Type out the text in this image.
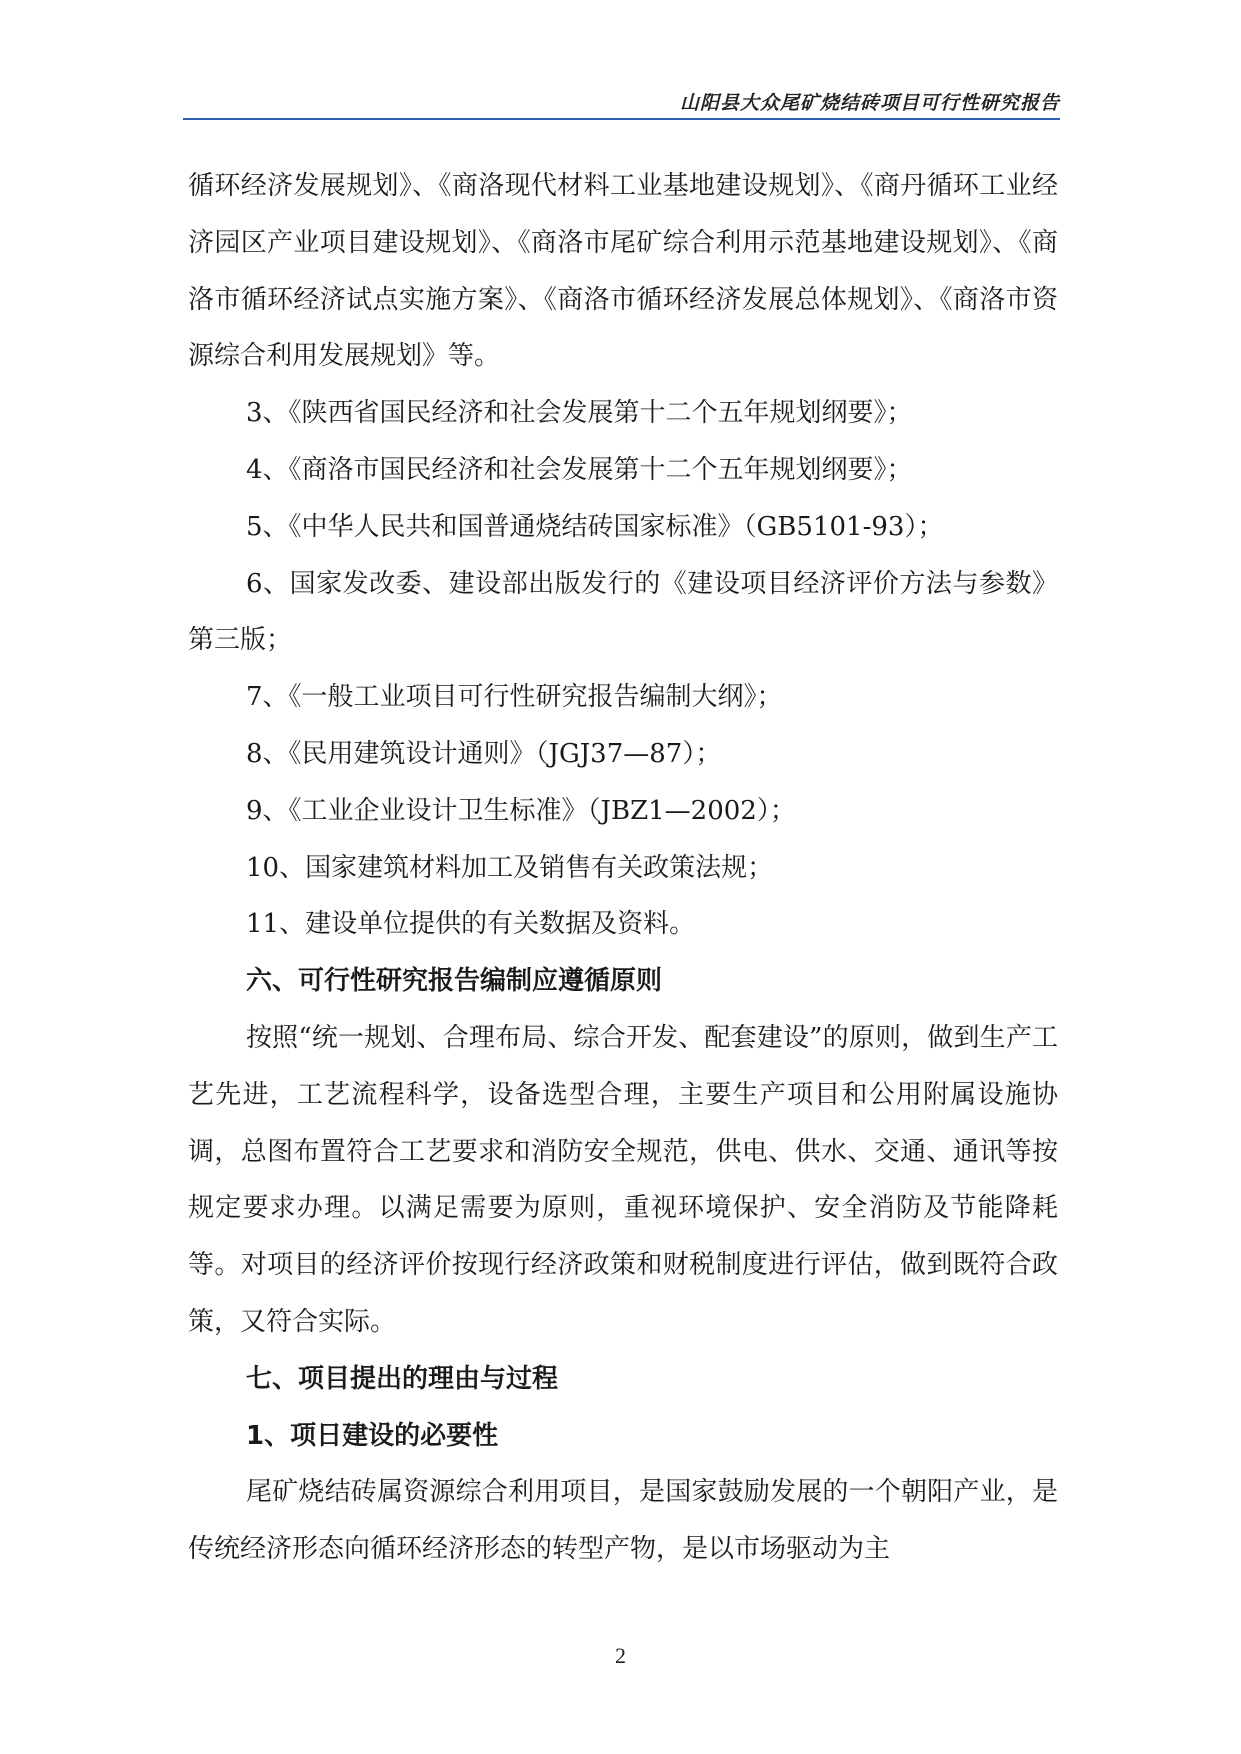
山阳县大众尾矿烧结砖项目可行性研究报告

循环经济发展规划》、《商洛现代材料工业基地建设规划》、《商丹循环工业经济园区产业项目建设规划》、《商洛市尾矿综合利用示范基地建设规划》、《商洛市循环经济试点实施方案》、《商洛市循环经济发展总体规划》、《商洛市资源综合利用发展规划》等。

3、《陕西省国民经济和社会发展第十二个五年规划纲要》；

4、《商洛市国民经济和社会发展第十二个五年规划纲要》；

5、《中华人民共和国普通烧结砖国家标准》（GB5101-93）；

6、国家发改委、建设部出版发行的《建设项目经济评价方法与参数》第三版；

7、《一般工业项目可行性研究报告编制大纲》；

8、《民用建筑设计通则》（JGJ37—87）；

9、《工业企业设计卫生标准》（JBZ1—2002）；

10、国家建筑材料加工及销售有关政策法规；

11、建设单位提供的有关数据及资料。

六、可行性研究报告编制应遵循原则

按照“统一规划、合理布局、综合开发、配套建设”的原则，做到生产工艺先进，工艺流程科学，设备选型合理，主要生产项目和公用附属设施协调，总图布置符合工艺要求和消防安全规范，供电、供水、交通、通讯等按规定要求办理。以满足需要为原则，重视环境保护、安全消防及节能降耗等。对项目的经济评价按现行经济政策和财税制度进行评估，做到既符合政策，又符合实际。

七、项目提出的理由与过程

1、项日建设的必要性

尾矿烧结砖属资源综合利用项目，是国家鼓励发展的一个朝阳产业，是传统经济形态向循环经济形态的转型产物，是以市场驱动为主

2
